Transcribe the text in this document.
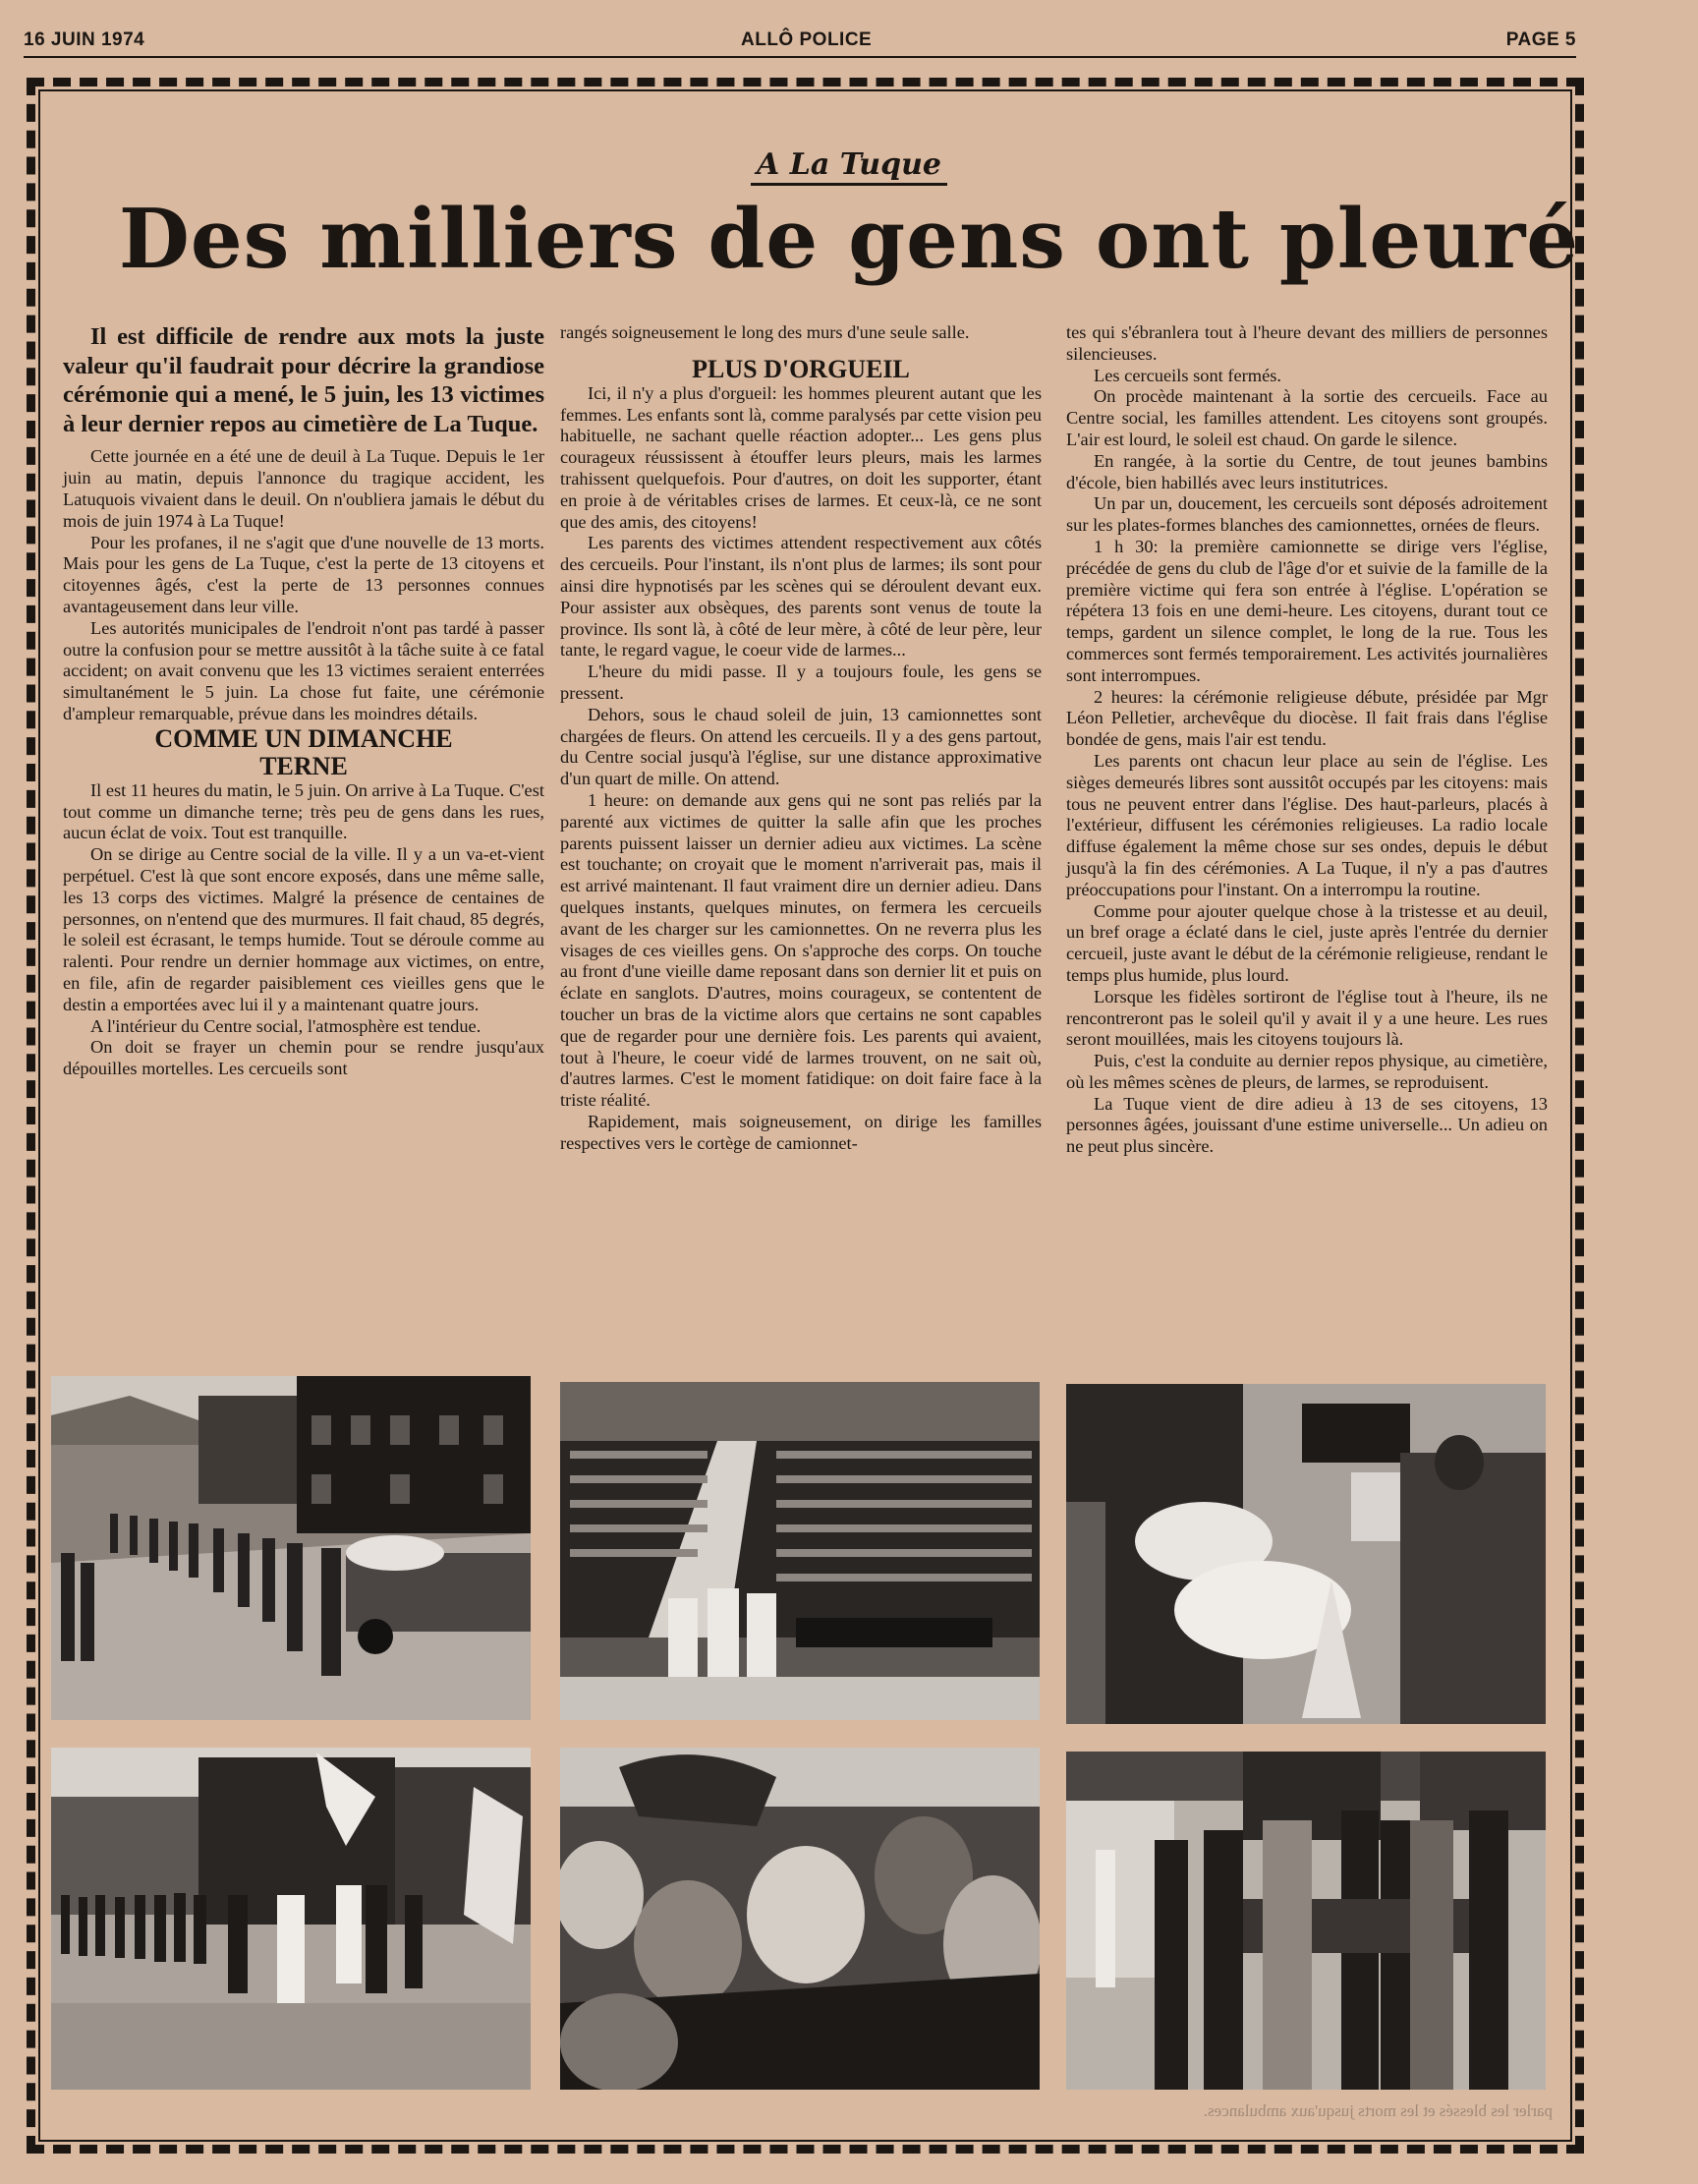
16 JUIN 1974	ALLÔ POLICE	PAGE 5
A La Tuque
Des milliers de gens ont pleuré

Il est difficile de rendre aux mots la juste valeur qu'il faudrait pour décrire la grandiose cérémonie qui a mené, le 5 juin, les 13 victimes à leur dernier repos au cimetière de La Tuque.

Cette journée en a été une de deuil à La Tuque. Depuis le 1er juin au matin, depuis l'annonce du tragique accident, les Latuquois vivaient dans le deuil. On n'oubliera jamais le début du mois de juin 1974 à La Tuque!

Pour les profanes, il ne s'agit que d'une nouvelle de 13 morts. Mais pour les gens de La Tuque, c'est la perte de 13 citoyens et citoyennes âgés, c'est la perte de 13 personnes connues avantageusement dans leur ville.

Les autorités municipales de l'endroit n'ont pas tardé à passer outre la confusion pour se mettre aussitôt à la tâche suite à ce fatal accident; on avait convenu que les 13 victimes seraient enterrées simultanément le 5 juin. La chose fut faite, une cérémonie d'ampleur remarquable, prévue dans les moindres détails.

COMME UN DIMANCHE TERNE

Il est 11 heures du matin, le 5 juin. On arrive à La Tuque. C'est tout comme un dimanche terne; très peu de gens dans les rues, aucun éclat de voix. Tout est tranquille.

On se dirige au Centre social de la ville. Il y a un va-et-vient perpétuel. C'est là que sont encore exposés, dans une même salle, les 13 corps des victimes. Malgré la présence de centaines de personnes, on n'entend que des murmures. Il fait chaud, 85 degrés, le soleil est écrasant, le temps humide. Tout se déroule comme au ralenti. Pour rendre un dernier hommage aux victimes, on entre, en file, afin de regarder paisiblement ces vieilles gens que le destin a emportées avec lui il y a maintenant quatre jours.

A l'intérieur du Centre social, l'atmosphère est tendue.

On doit se frayer un chemin pour se rendre jusqu'aux dépouilles mortelles. Les cercueils sont

rangés soigneusement le long des murs d'une seule salle.

PLUS D'ORGUEIL

Ici, il n'y a plus d'orgueil: les hommes pleurent autant que les femmes. Les enfants sont là, comme paralysés par cette vision peu habituelle, ne sachant quelle réaction adopter... Les gens plus courageux réussissent à étouffer leurs pleurs, mais les larmes trahissent quelquefois. Pour d'autres, on doit les supporter, étant en proie à de véritables crises de larmes. Et ceux-là, ce ne sont que des amis, des citoyens!

Les parents des victimes attendent respectivement aux côtés des cercueils. Pour l'instant, ils n'ont plus de larmes; ils sont pour ainsi dire hypnotisés par les scènes qui se déroulent devant eux. Pour assister aux obsèques, des parents sont venus de toute la province. Ils sont là, à côté de leur mère, à côté de leur père, leur tante, le regard vague, le coeur vide de larmes...

L'heure du midi passe. Il y a toujours foule, les gens se pressent.

Dehors, sous le chaud soleil de juin, 13 camionnettes sont chargées de fleurs. On attend les cercueils. Il y a des gens partout, du Centre social jusqu'à l'église, sur une distance approximative d'un quart de mille. On attend.

1 heure: on demande aux gens qui ne sont pas reliés par la parenté aux victimes de quitter la salle afin que les proches parents puissent laisser un dernier adieu aux victimes. La scène est touchante; on croyait que le moment n'arriverait pas, mais il est arrivé maintenant. Il faut vraiment dire un dernier adieu. Dans quelques instants, quelques minutes, on fermera les cercueils avant de les charger sur les camionnettes. On ne reverra plus les visages de ces vieilles gens. On s'approche des corps. On touche au front d'une vieille dame reposant dans son dernier lit et puis on éclate en sanglots. D'autres, moins courageux, se contentent de toucher un bras de la victime alors que certains ne sont capables que de regarder pour une dernière fois. Les parents qui avaient, tout à l'heure, le coeur vidé de larmes trouvent, on ne sait où, d'autres larmes. C'est le moment fatidique: on doit faire face à la triste réalité.

Rapidement, mais soigneusement, on dirige les familles respectives vers le cortège de camionnet-

tes qui s'ébranlera tout à l'heure devant des milliers de personnes silencieuses.

Les cercueils sont fermés.

On procède maintenant à la sortie des cercueils. Face au Centre social, les familles attendent. Les citoyens sont groupés. L'air est lourd, le soleil est chaud. On garde le silence.

En rangée, à la sortie du Centre, de tout jeunes bambins d'école, bien habillés avec leurs institutrices.

Un par un, doucement, les cercueils sont déposés adroitement sur les plates-formes blanches des camionnettes, ornées de fleurs.

1 h 30: la première camionnette se dirige vers l'église, précédée de gens du club de l'âge d'or et suivie de la famille de la première victime qui fera son entrée à l'église. L'opération se répétera 13 fois en une demi-heure. Les citoyens, durant tout ce temps, gardent un silence complet, le long de la rue. Tous les commerces sont fermés temporairement. Les activités journalières sont interrompues.

2 heures: la cérémonie religieuse débute, présidée par Mgr Léon Pelletier, archevêque du diocèse. Il fait frais dans l'église bondée de gens, mais l'air est tendu.

Les parents ont chacun leur place au sein de l'église. Les sièges demeurés libres sont aussitôt occupés par les citoyens: mais tous ne peuvent entrer dans l'église. Des haut-parleurs, placés à l'extérieur, diffusent les cérémonies religieuses. La radio locale diffuse également la même chose sur ses ondes, depuis le début jusqu'à la fin des cérémonies. A La Tuque, il n'y a pas d'autres préoccupations pour l'instant. On a interrompu la routine.

Comme pour ajouter quelque chose à la tristesse et au deuil, un bref orage a éclaté dans le ciel, juste après l'entrée du dernier cercueil, juste avant le début de la cérémonie religieuse, rendant le temps plus humide, plus lourd.

Lorsque les fidèles sortiront de l'église tout à l'heure, ils ne rencontreront pas le soleil qu'il y avait il y a une heure. Les rues seront mouillées, mais les citoyens toujours là.

Puis, c'est la conduite au dernier repos physique, au cimetière, où les mêmes scènes de pleurs, de larmes, se reproduisent.

La Tuque vient de dire adieu à 13 de ses citoyens, 13 personnes âgées, jouissant d'une estime universelle... Un adieu on ne peut plus sincère.

parler les blessés et les morts jusqu'aux ambulances.
